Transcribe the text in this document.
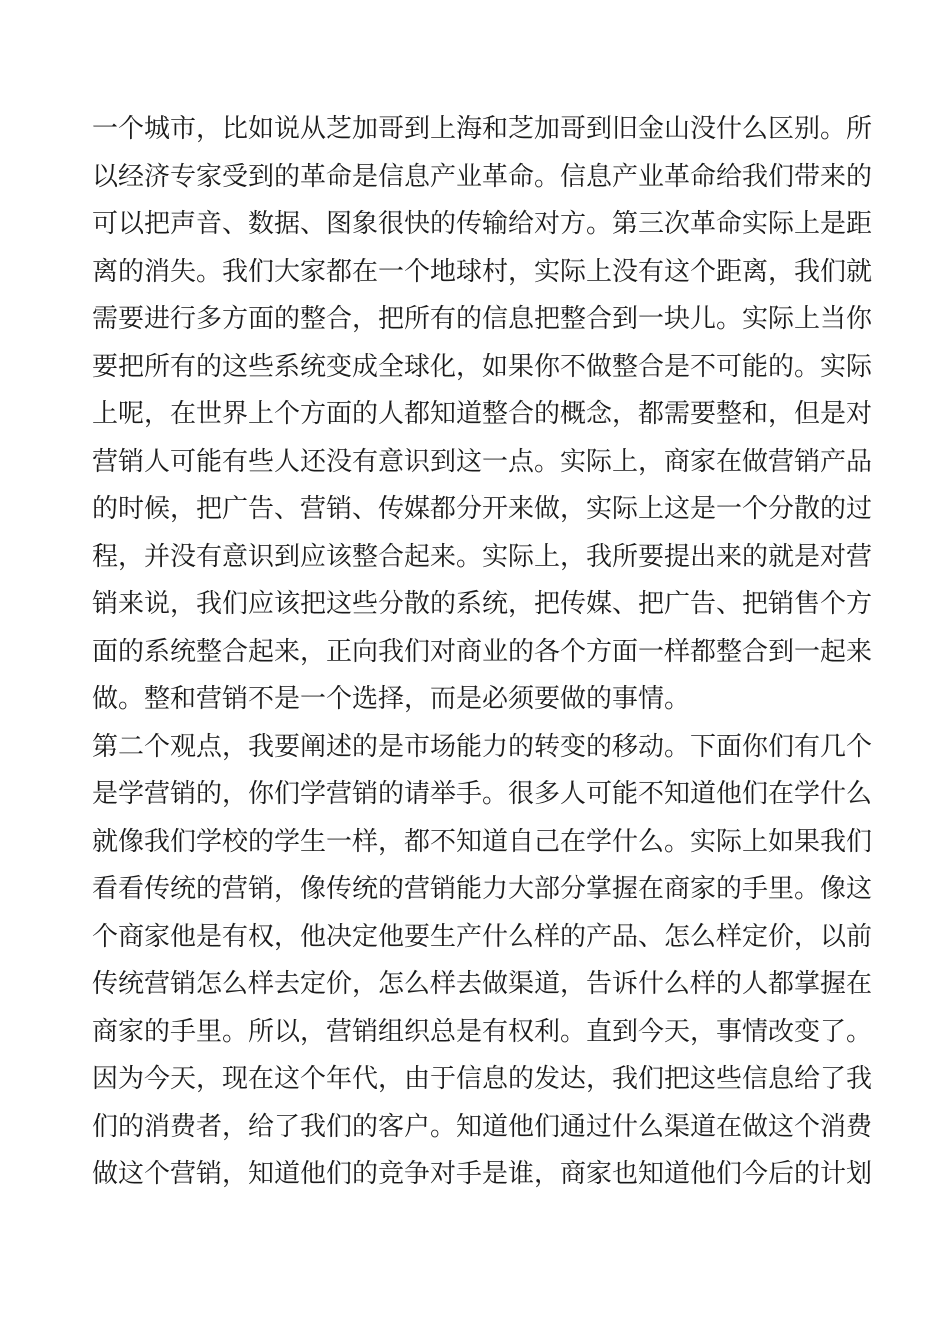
一个城市，比如说从芝加哥到上海和芝加哥到旧金山没什么区别。所
以经济专家受到的革命是信息产业革命。信息产业革命给我们带来的
可以把声音、数据、图象很快的传输给对方。第三次革命实际上是距
离的消失。我们大家都在一个地球村，实际上没有这个距离，我们就
需要进行多方面的整合，把所有的信息把整合到一块儿。实际上当你
要把所有的这些系统变成全球化，如果你不做整合是不可能的。实际
上呢，在世界上个方面的人都知道整合的概念，都需要整和，但是对
营销人可能有些人还没有意识到这一点。实际上，商家在做营销产品
的时候，把广告、营销、传媒都分开来做，实际上这是一个分散的过
程，并没有意识到应该整合起来。实际上，我所要提出来的就是对营
销来说，我们应该把这些分散的系统，把传媒、把广告、把销售个方
面的系统整合起来，正向我们对商业的各个方面一样都整合到一起来
做。整和营销不是一个选择，而是必须要做的事情。
第二个观点，我要阐述的是市场能力的转变的移动。下面你们有几个
是学营销的，你们学营销的请举手。很多人可能不知道他们在学什么
就像我们学校的学生一样，都不知道自己在学什么。实际上如果我们
看看传统的营销，像传统的营销能力大部分掌握在商家的手里。像这
个商家他是有权，他决定他要生产什么样的产品、怎么样定价，以前
传统营销怎么样去定价，怎么样去做渠道，告诉什么样的人都掌握在
商家的手里。所以，营销组织总是有权利。直到今天，事情改变了。
因为今天，现在这个年代，由于信息的发达，我们把这些信息给了我
们的消费者，给了我们的客户。知道他们通过什么渠道在做这个消费
做这个营销，知道他们的竞争对手是谁，商家也知道他们今后的计划
